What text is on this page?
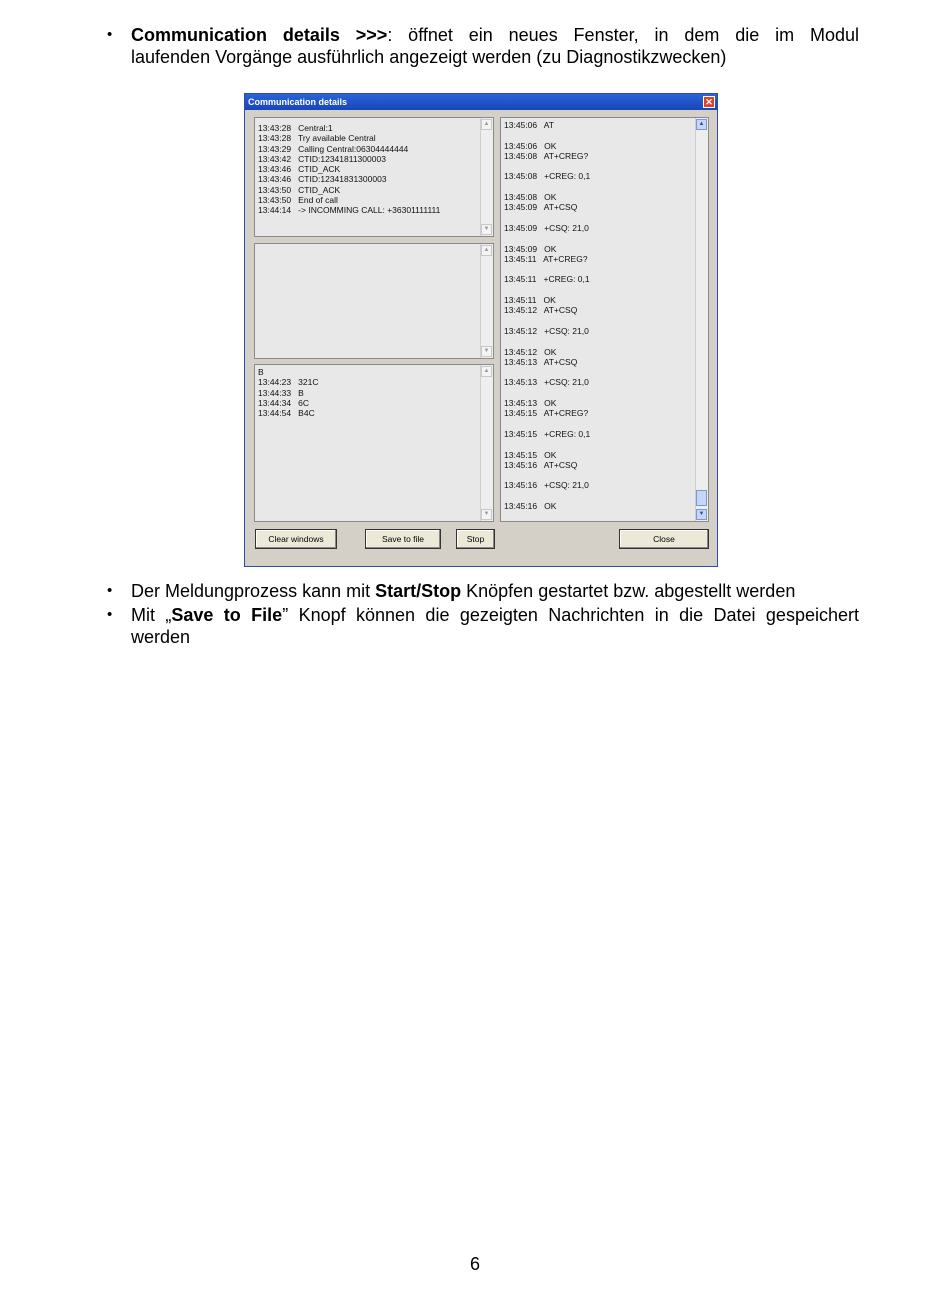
• Communication details >>>: öffnet ein neues Fenster, in dem die im Modul
laufenden Vorgänge ausführlich angezeigt werden (zu Diagnostikzwecken)
Communication details	✕
13:43:28   Central:1
13:43:28   Try available Central
13:43:29   Calling Central:06304444444
13:43:42   CTID:12341811300003
13:43:46   CTID_ACK
13:43:46   CTID:12341831300003
13:43:50   CTID_ACK
13:43:50   End of call
13:44:14   -> INCOMMING CALL: +36301111111
▲
▼
▲
▼
B
13:44:23   321C
13:44:33   B
13:44:34   6C
13:44:54   B4C
▲
▼
13:45:06   AT
13:45:06   OK
13:45:08   AT+CREG?
13:45:08   +CREG: 0,1
13:45:08   OK
13:45:09   AT+CSQ
13:45:09   +CSQ: 21,0
13:45:09   OK
13:45:11   AT+CREG?
13:45:11   +CREG: 0,1
13:45:11   OK
13:45:12   AT+CSQ
13:45:12   +CSQ: 21,0
13:45:12   OK
13:45:13   AT+CSQ
13:45:13   +CSQ: 21,0
13:45:13   OK
13:45:15   AT+CREG?
13:45:15   +CREG: 0,1
13:45:15   OK
13:45:16   AT+CSQ
13:45:16   +CSQ: 21,0
13:45:16   OK
▲
▼
Clear windows	Save to file	Stop	Close
• Der Meldungprozess kann mit Start/Stop Knöpfen gestartet bzw. abgestellt werden
• Mit „Save to File” Knopf können die gezeigten Nachrichten in die Datei gespeichert
werden
6
